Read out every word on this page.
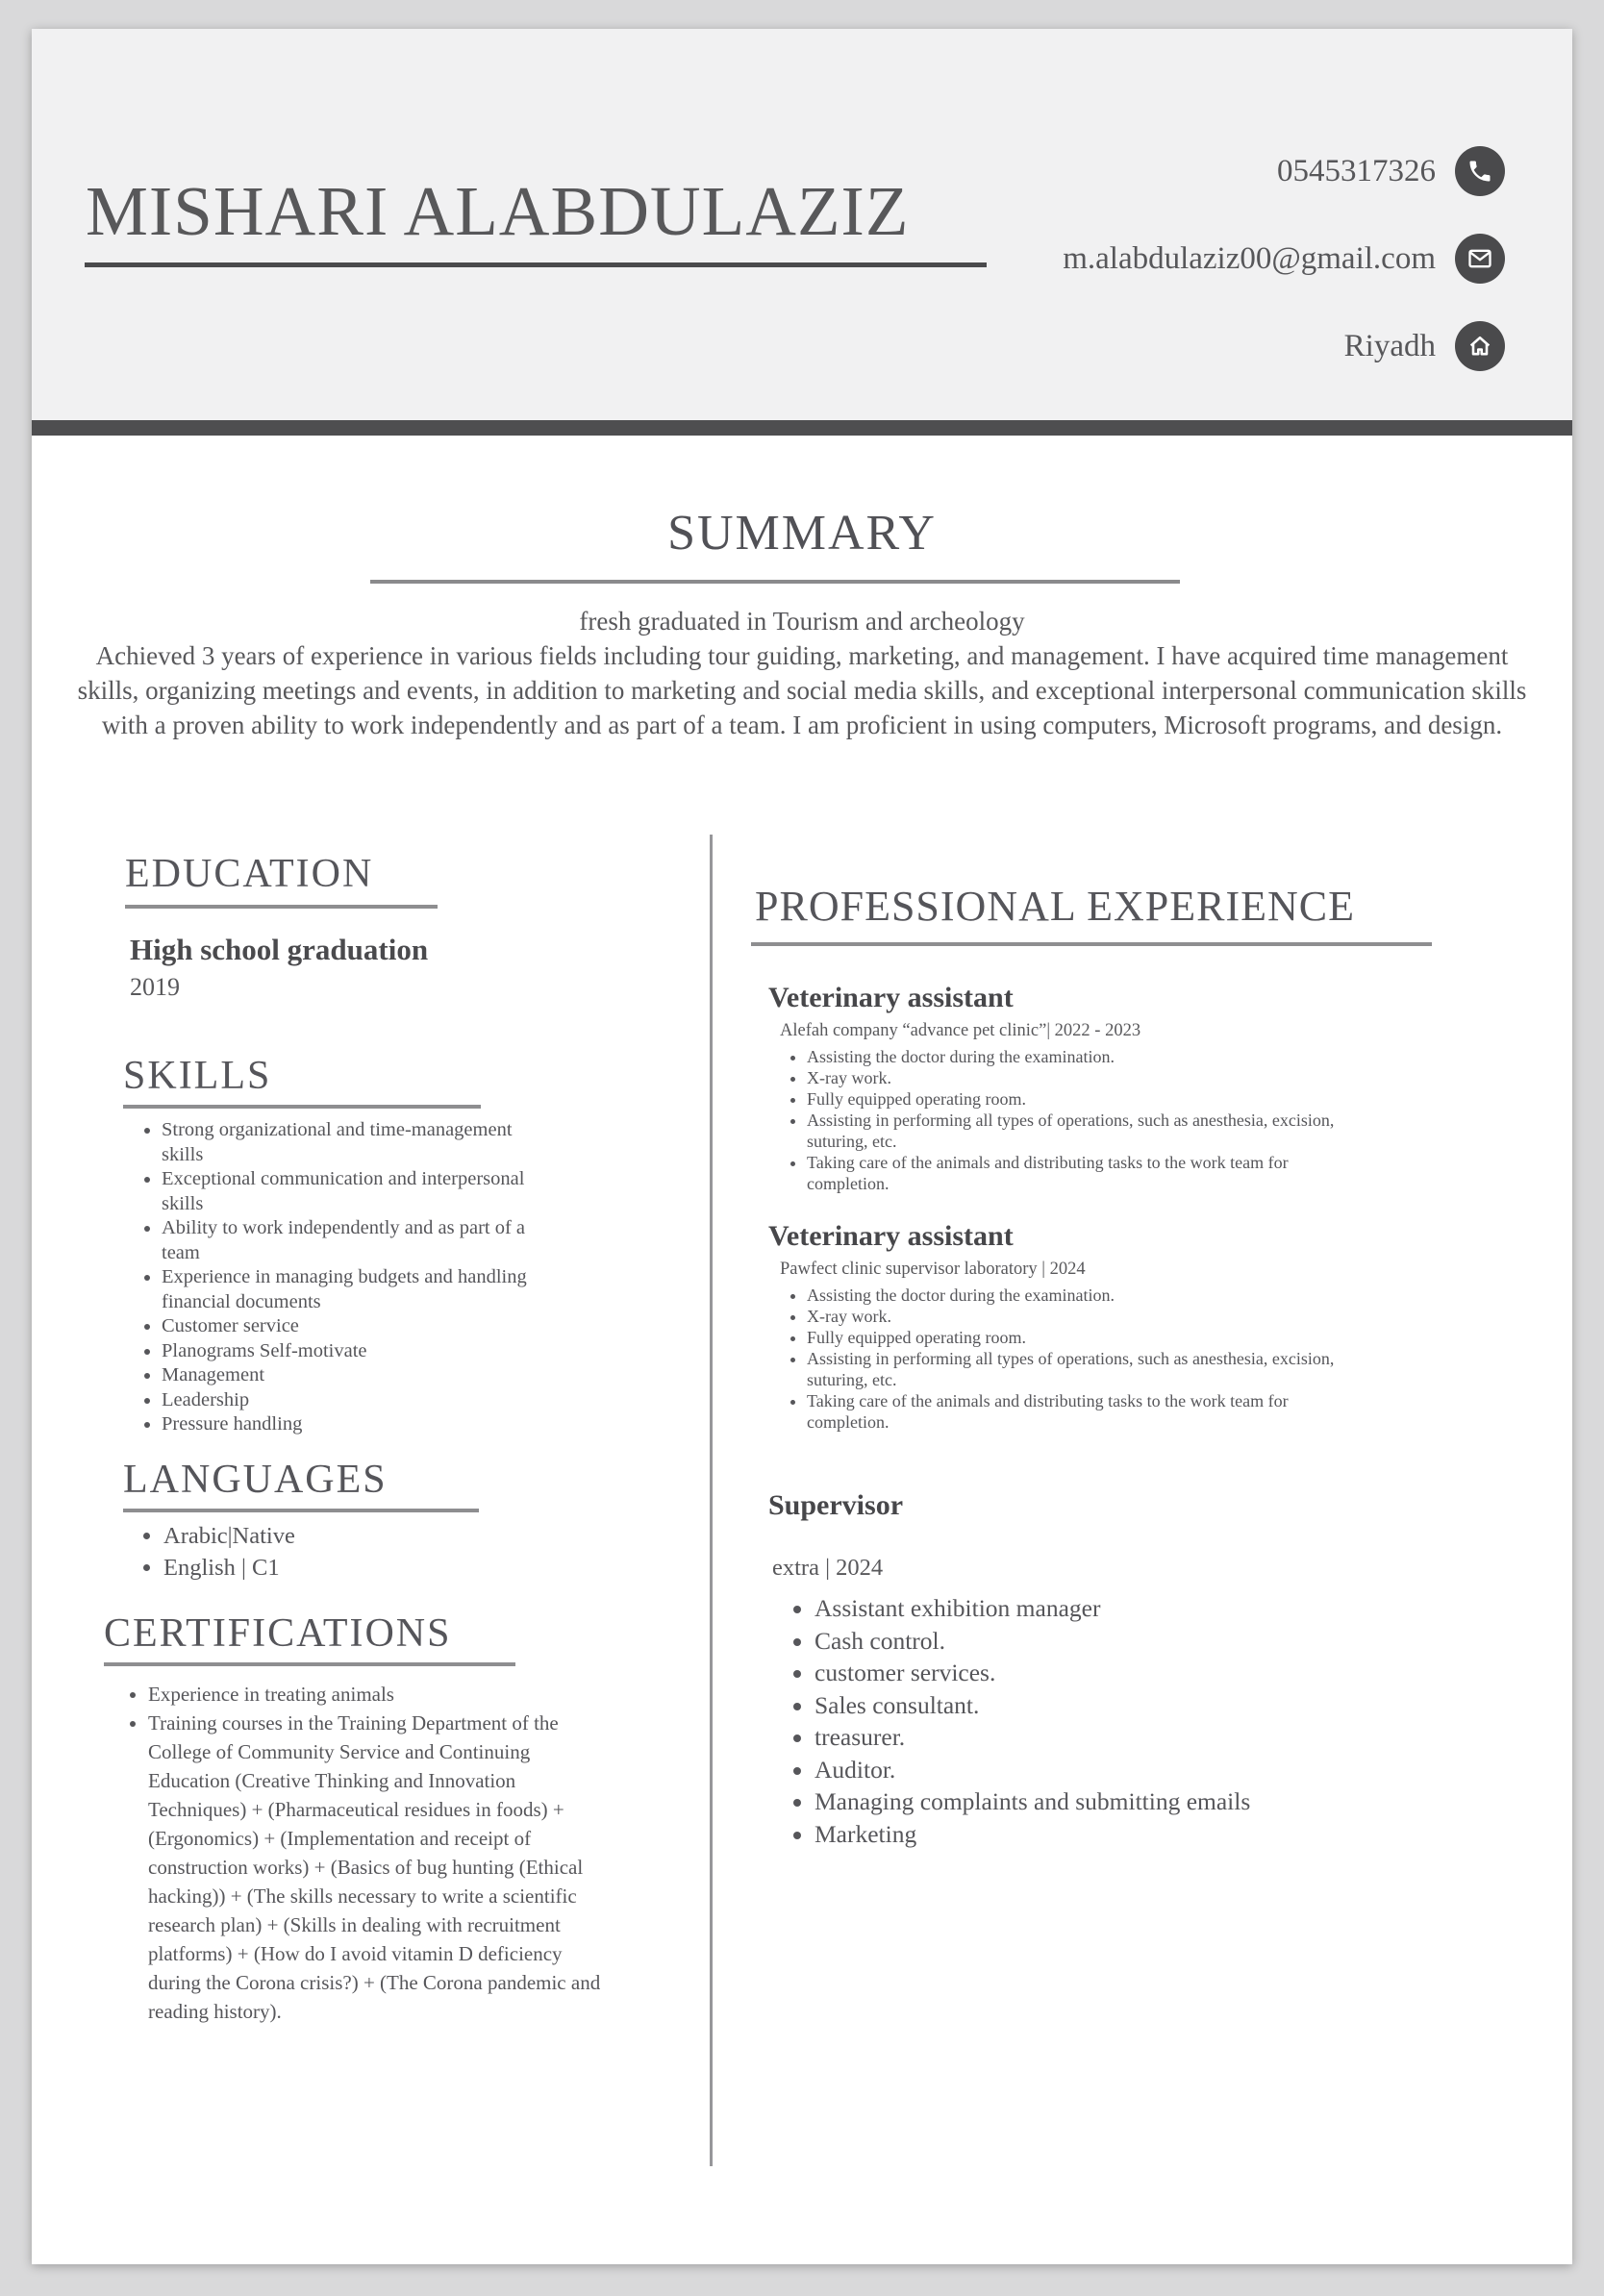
MISHARI ALABDULAZIZ
0545317326
m.alabdulaziz00@gmail.com
Riyadh
SUMMARY
fresh graduated in Tourism and archeology
Achieved 3 years of experience in various fields including tour guiding, marketing, and management. I have acquired time management skills, organizing meetings and events, in addition to marketing and social media skills, and exceptional interpersonal communication skills with a proven ability to work independently and as part of a team. I am proficient in using computers, Microsoft programs, and design.
EDUCATION
High school graduation
2019
SKILLS
• Strong organizational and time-management skills
• Exceptional communication and interpersonal skills
• Ability to work independently and as part of a team
• Experience in managing budgets and handling financial documents
• Customer service
• Planograms Self-motivate
• Management
• Leadership
• Pressure handling
LANGUAGES
• Arabic|Native
• English | C1
CERTIFICATIONS
• Experience in treating animals
• Training courses in the Training Department of the College of Community Service and Continuing Education (Creative Thinking and Innovation Techniques) + (Pharmaceutical residues in foods) + (Ergonomics) + (Implementation and receipt of construction works) + (Basics of bug hunting (Ethical hacking)) + (The skills necessary to write a scientific research plan) + (Skills in dealing with recruitment platforms) + (How do I avoid vitamin D deficiency during the Corona crisis?) + (The Corona pandemic and reading history).
PROFESSIONAL EXPERIENCE
Veterinary assistant
Alefah company “advance pet clinic”| 2022 - 2023
• Assisting the doctor during the examination.
• X-ray work.
• Fully equipped operating room.
• Assisting in performing all types of operations, such as anesthesia, excision, suturing, etc.
• Taking care of the animals and distributing tasks to the work team for completion.
Veterinary assistant
Pawfect clinic supervisor laboratory | 2024
• Assisting the doctor during the examination.
• X-ray work.
• Fully equipped operating room.
• Assisting in performing all types of operations, such as anesthesia, excision, suturing, etc.
• Taking care of the animals and distributing tasks to the work team for completion.
Supervisor
extra | 2024
• Assistant exhibition manager
• Cash control.
• customer services.
• Sales consultant.
• treasurer.
• Auditor.
• Managing complaints and submitting emails
• Marketing
